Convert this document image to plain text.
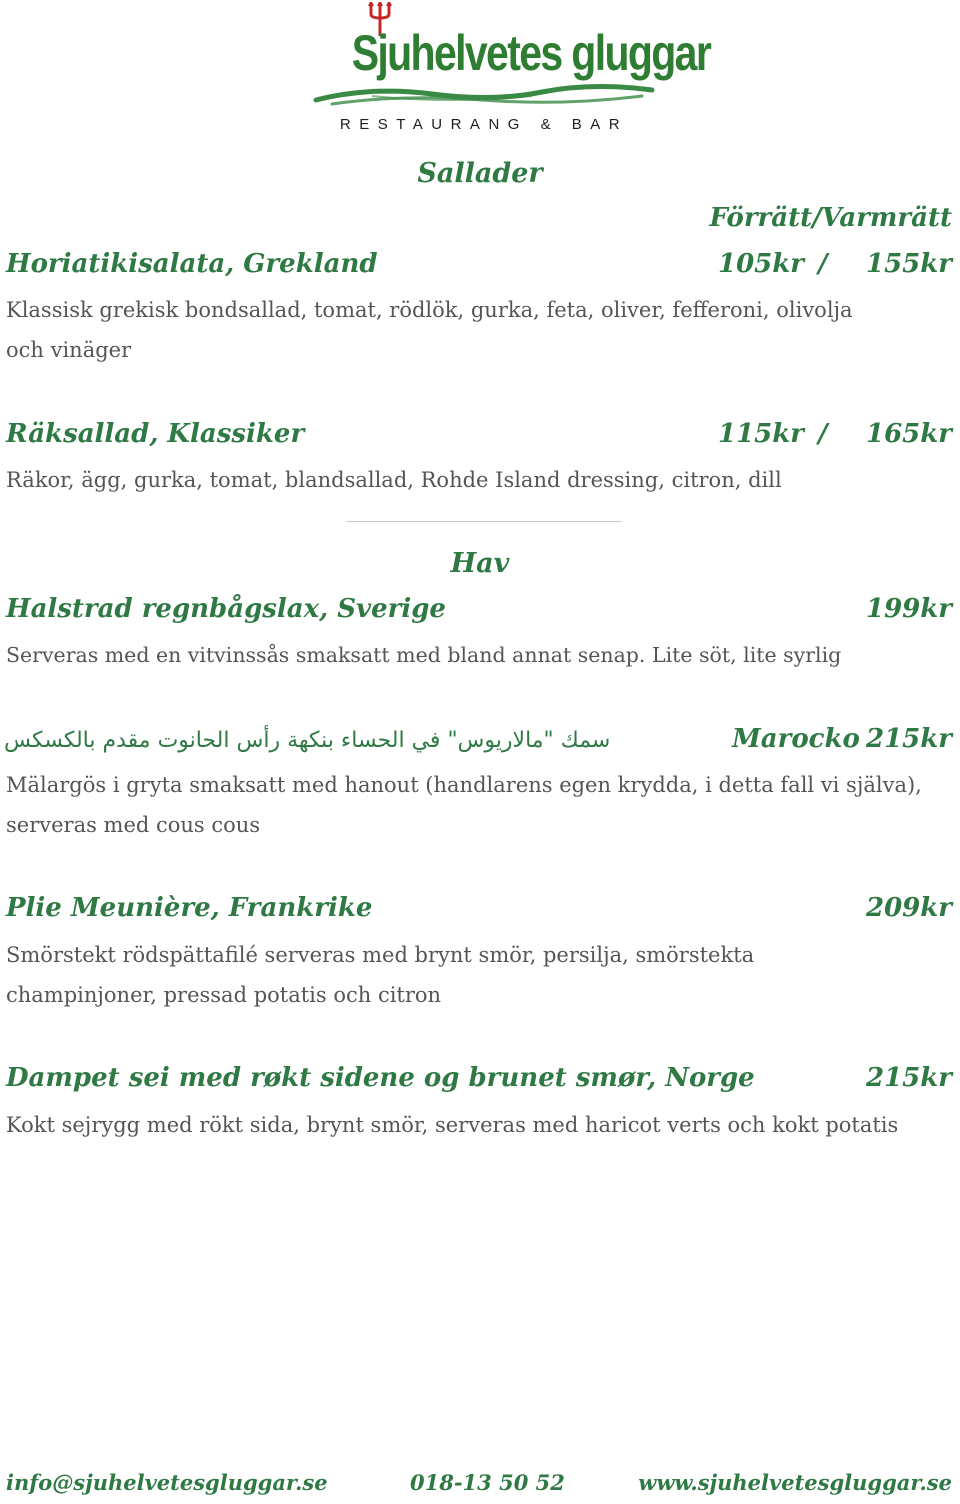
Sjuhelvetes gluggar
RESTAURANG & BAR
Sallader
Förrätt/Varmrätt
Horiatikisalata, Grekland	105kr / 155kr
Klassisk grekisk bondsallad, tomat, rödlök, gurka, feta, oliver, fefferoni, olivolja och vinäger
Räksallad, Klassiker	115kr / 165kr
Räkor, ägg, gurka, tomat, blandsallad, Rohde Island dressing, citron, dill
Hav
Halstrad regnbågslax, Sverige	199kr
Serveras med en vitvinssås smaksatt med bland annat senap. Lite söt, lite syrlig
سمك "مالاريوس" في الحساء بنكهة رأس الحانوت مقدم بالكسكس	Marocko 215kr
Mälargös i gryta smaksatt med hanout (handlarens egen krydda, i detta fall vi själva), serveras med cous cous
Plie Meunière, Frankrike	209kr
Smörstekt rödspättafilé serveras med brynt smör, persilja, smörstekta champinjoner, pressad potatis och citron
Dampet sei med røkt sidene og brunet smør, Norge	215kr
Kokt sejrygg med rökt sida, brynt smör, serveras med haricot verts och kokt potatis
info@sjuhelvetesgluggar.se	018-13 50 52	www.sjuhelvetesgluggar.se
